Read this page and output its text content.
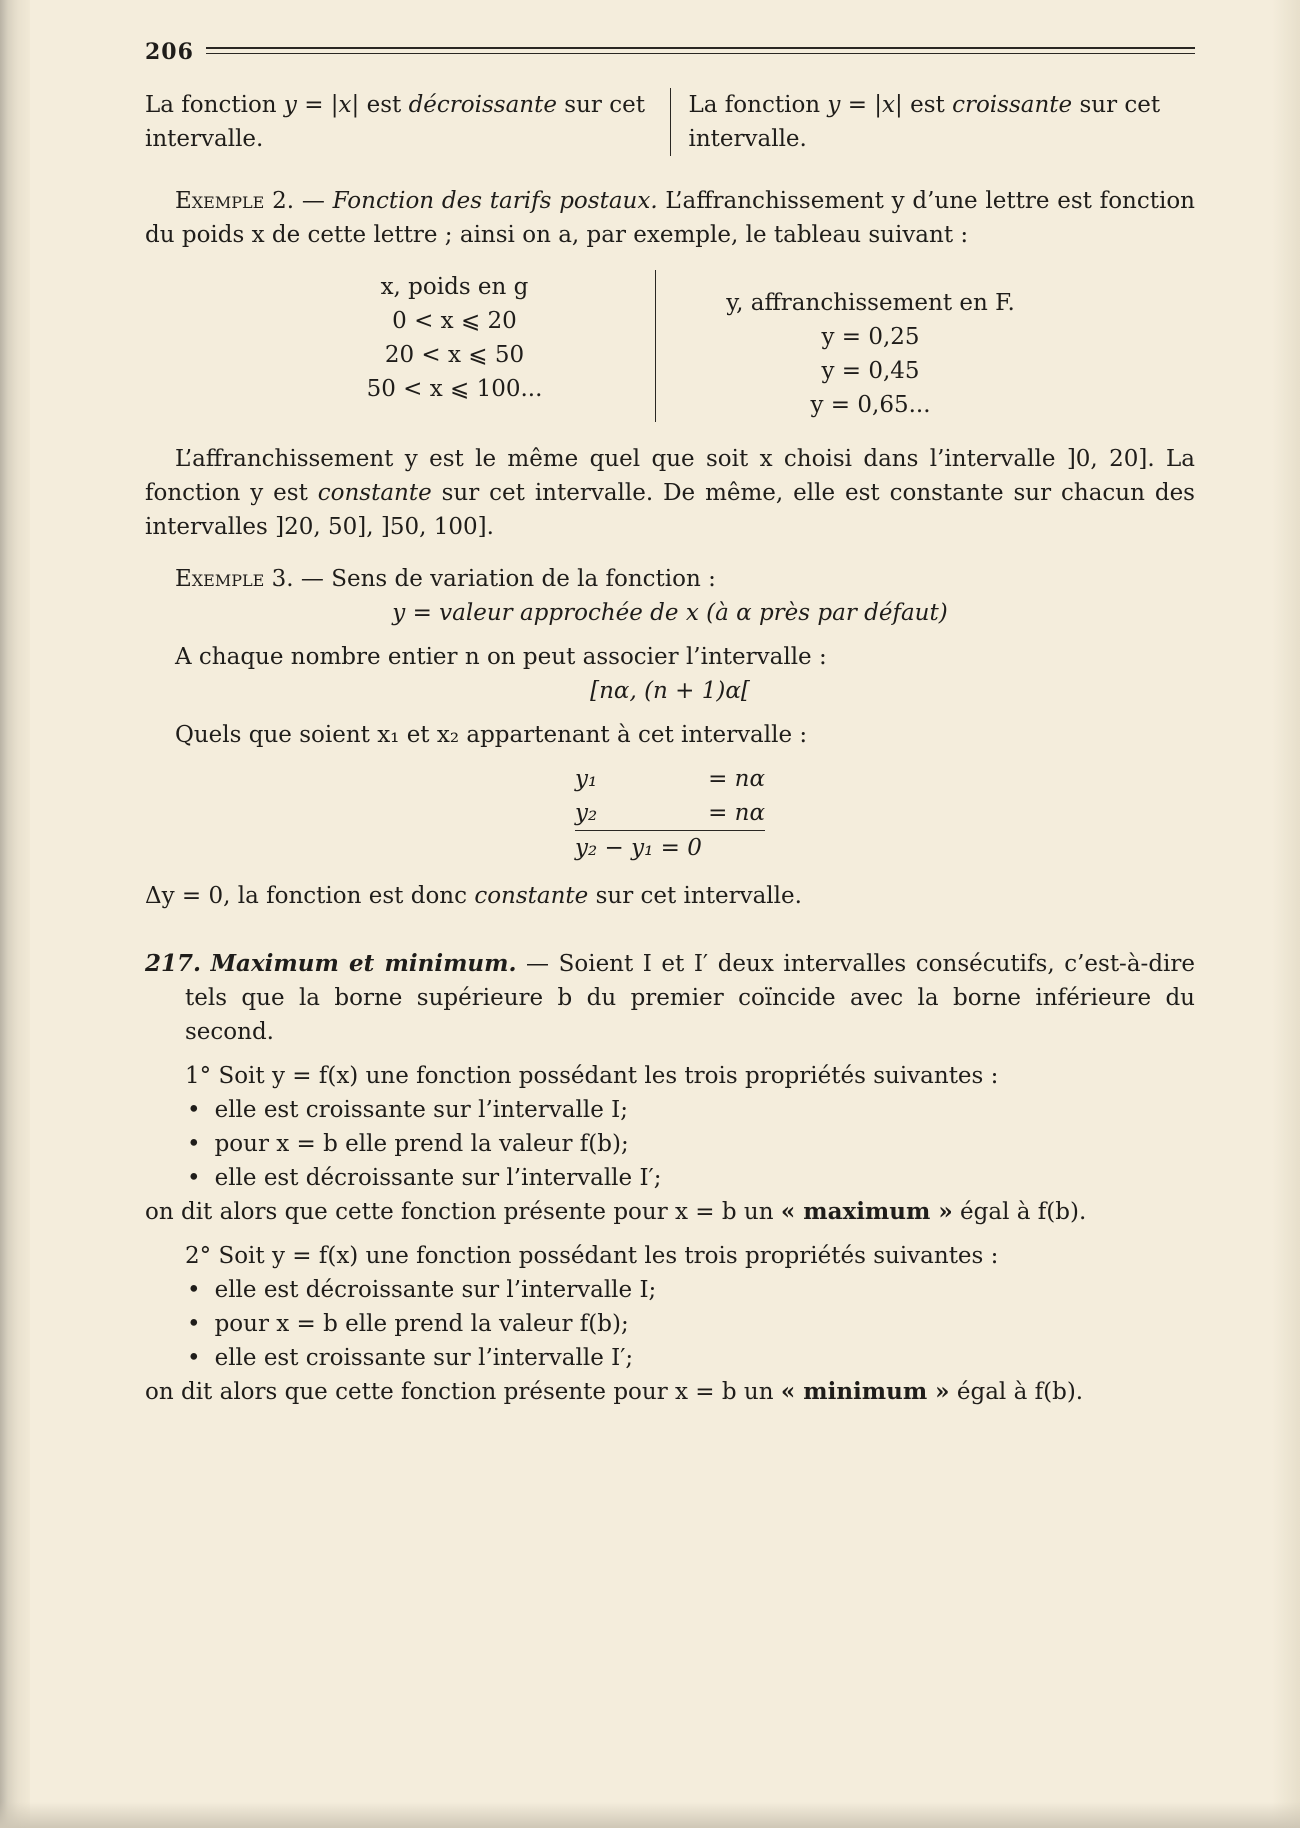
206

La fonction y = |x| est décroissante sur cet intervalle.

La fonction y = |x| est croissante sur cet intervalle.

Exemple 2. — Fonction des tarifs postaux. L’affranchissement y d’une lettre est fonction du poids x de cette lettre ; ainsi on a, par exemple, le tableau suivant :

x, poids en g
0 < x ⩽ 20
20 < x ⩽ 50
50 < x ⩽ 100...
y, affranchissement en F.
y = 0,25
y = 0,45
y = 0,65...

L’affranchissement y est le même quel que soit x choisi dans l’intervalle ]0, 20]. La fonction y est constante sur cet intervalle. De même, elle est constante sur chacun des intervalles ]20, 50], ]50, 100].

Exemple 3. — Sens de variation de la fonction :

y = valeur approchée de x (à α près par défaut)

A chaque nombre entier n on peut associer l’intervalle :

[nα, (n + 1)α[

Quels que soient x₁ et x₂ appartenant à cet intervalle :

y₁	= nα
y₂	= nα
y₂ − y₁ = 0

Δy = 0, la fonction est donc constante sur cet intervalle.

217. Maximum et minimum. — Soient I et I′ deux intervalles consécutifs, c’est-à-dire tels que la borne supérieure b du premier coïncide avec la borne inférieure du second.

1° Soit y = f(x) une fonction possédant les trois propriétés suivantes :

• elle est croissante sur l’intervalle I;
• pour x = b elle prend la valeur f(b);
• elle est décroissante sur l’intervalle I′;

on dit alors que cette fonction présente pour x = b un « maximum » égal à f(b).

2° Soit y = f(x) une fonction possédant les trois propriétés suivantes :

• elle est décroissante sur l’intervalle I;
• pour x = b elle prend la valeur f(b);
• elle est croissante sur l’intervalle I′;

on dit alors que cette fonction présente pour x = b un « minimum » égal à f(b).
